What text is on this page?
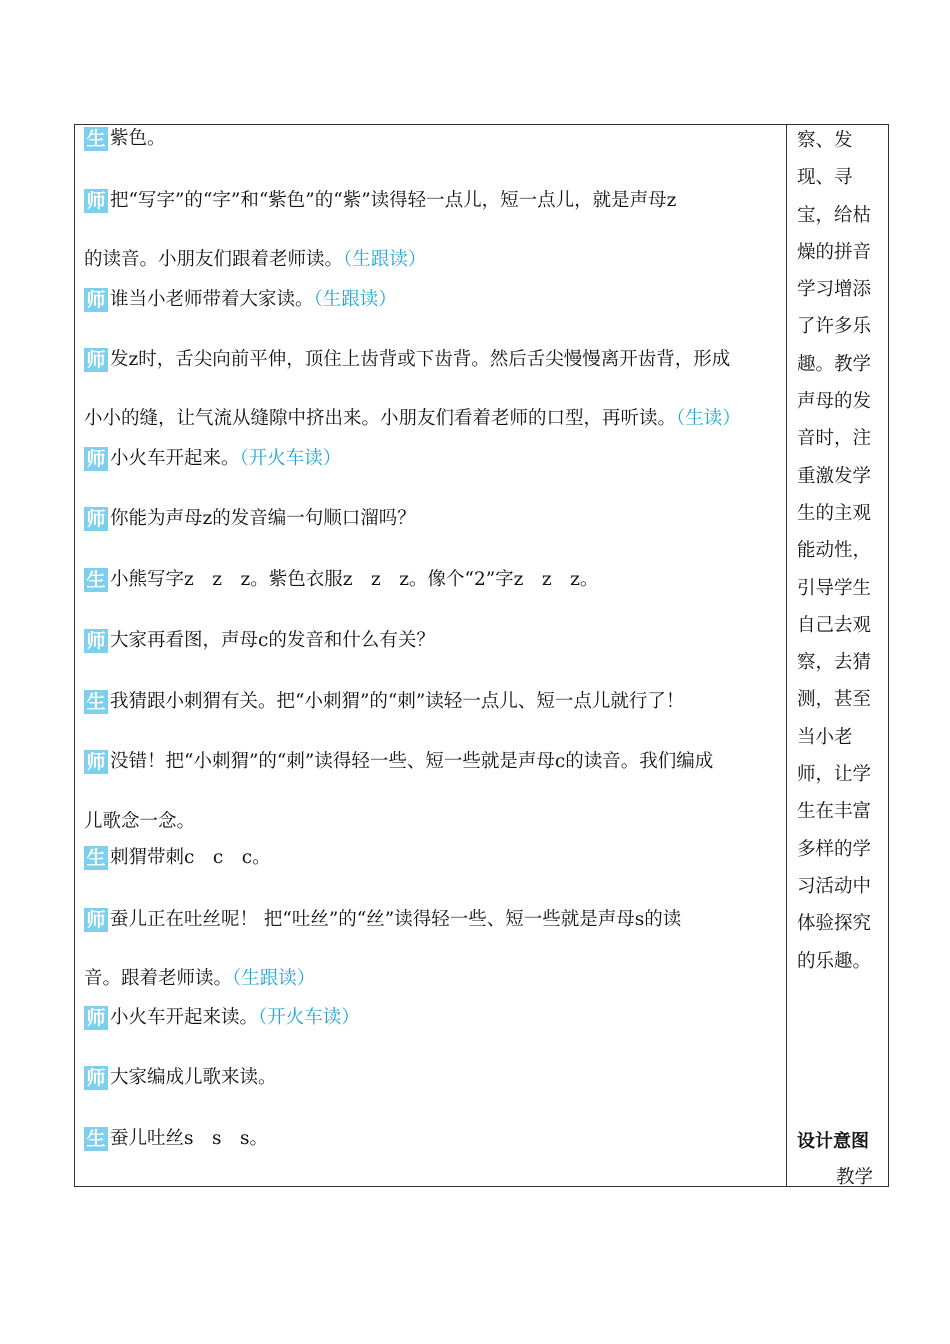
生 紫色。
师 把“写字”的“字”和“紫色”的“紫”读得轻一点儿，短一点儿，就是声母z
的读音。小朋友们跟着老师读。（生跟读）
师 谁当小老师带着大家读。（生跟读）
师 发z时，舌尖向前平伸，顶住上齿背或下齿背。然后舌尖慢慢离开齿背，形成
小小的缝，让气流从缝隙中挤出来。小朋友们看着老师的口型，再听读。（生读）
师 小火车开起来。（开火车读）
师 你能为声母z的发音编一句顺口溜吗？
生 小熊写字z　z　z。紫色衣服z　z　z。像个“2”字z　z　z。
师 大家再看图，声母c的发音和什么有关？
生 我猜跟小刺猬有关。把“小刺猬”的“刺”读轻一点儿、短一点儿就行了！
师 没错！把“小刺猬”的“刺”读得轻一些、短一些就是声母c的读音。我们编成
儿歌念一念。
生 刺猬带刺c　c　c。
师 蚕儿正在吐丝呢！ 把“吐丝”的“丝”读得轻一些、短一些就是声母s的读
音。跟着老师读。（生跟读）
师 小火车开起来读。（开火车读）
师 大家编成儿歌来读。
生 蚕儿吐丝s　s　s。
察、发
现、寻
宝，给枯
燥的拼音
学习增添
了许多乐
趣。教学
声母的发
音时，注
重激发学
生的主观
能动性，
引导学生
自己去观
察，去猜
测，甚至
当小老
师，让学
生在丰富
多样的学
习活动中
体验探究
的乐趣。
设计意图
教学
